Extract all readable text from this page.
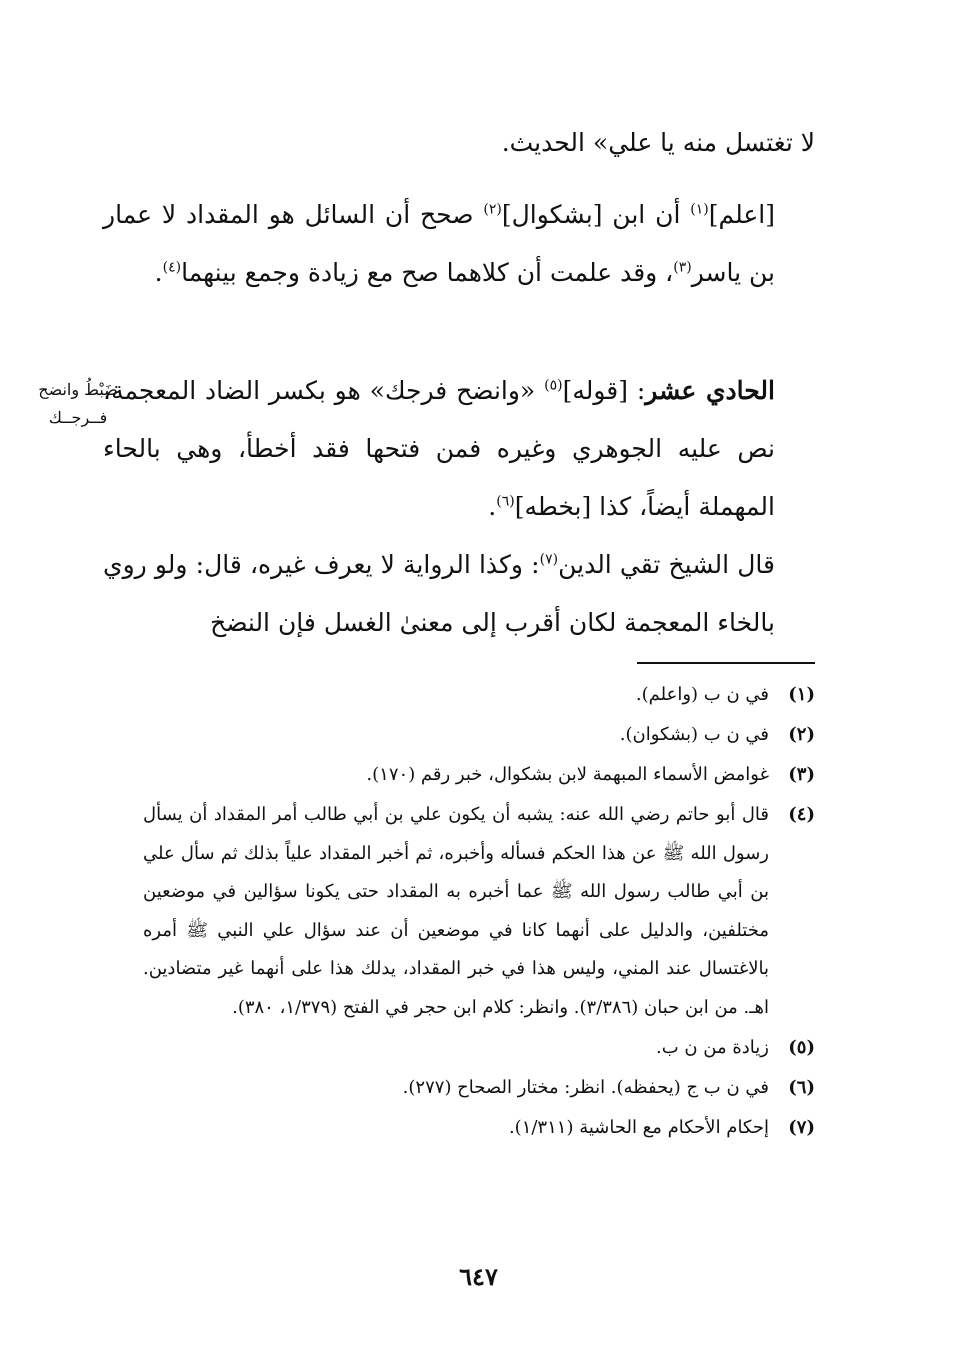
لا تغتسل منه يا علي» الحديث.
[اعلم]$^{(١)}$ أن ابن [بشكوال]$^{(٢)}$ صحح أن السائل هو المقداد لا عمار بن ياسر$^{(٣)}$، وقد علمت أن كلاهما صح مع زيادة وجمع بينهما$^{(٤)}$.
الحادي عشر: [قوله]$^{(٥)}$ «وانضح فرجك» هو بكسر الضاد المعجمة، نص عليه الجوهري وغيره فمن فتحها فقد أخطأ، وهي بالحاء المهملة أيضاً، كذا [بخطه]$^{(٦)}$.
ضَبْطُ وانضح
فــرجــك
قال الشيخ تقي الدين$^{(٧)}$: وكذا الرواية لا يعرف غيره، قال: ولو روي بالخاء المعجمة لكان أقرب إلى معنىٰ الغسل فإن النضخ
(١)
في ن ب (واعلم).
(٢)
في ن ب (بشكوان).
(٣)
غوامض الأسماء المبهمة لابن بشكوال، خبر رقم (١٧٠).
(٤)
قال أبو حاتم رضي الله عنه: يشبه أن يكون علي بن أبي طالب أمر المقداد أن يسأل رسول الله ﷺ عن هذا الحكم فسأله وأخبره، ثم أخبر المقداد علياً بذلك ثم سأل علي بن أبي طالب رسول الله ﷺ عما أخبره به المقداد حتى يكونا سؤالين في موضعين مختلفين، والدليل على أنهما كانا في موضعين أن عند سؤال علي النبي ﷺ أمره بالاغتسال عند المني، وليس هذا في خبر المقداد، يدلك هذا على أنهما غير متضادين. اهـ. من ابن حبان (٣/٣٨٦). وانظر: كلام ابن حجر في الفتح (١/٣٧٩، ٣٨٠).
(٥)
زيادة من ن ب.
(٦)
في ن ب ج (يحفظه). انظر: مختار الصحاح (٢٧٧).
(٧)
إحكام الأحكام مع الحاشية (١/٣١١).
٦٤٧
